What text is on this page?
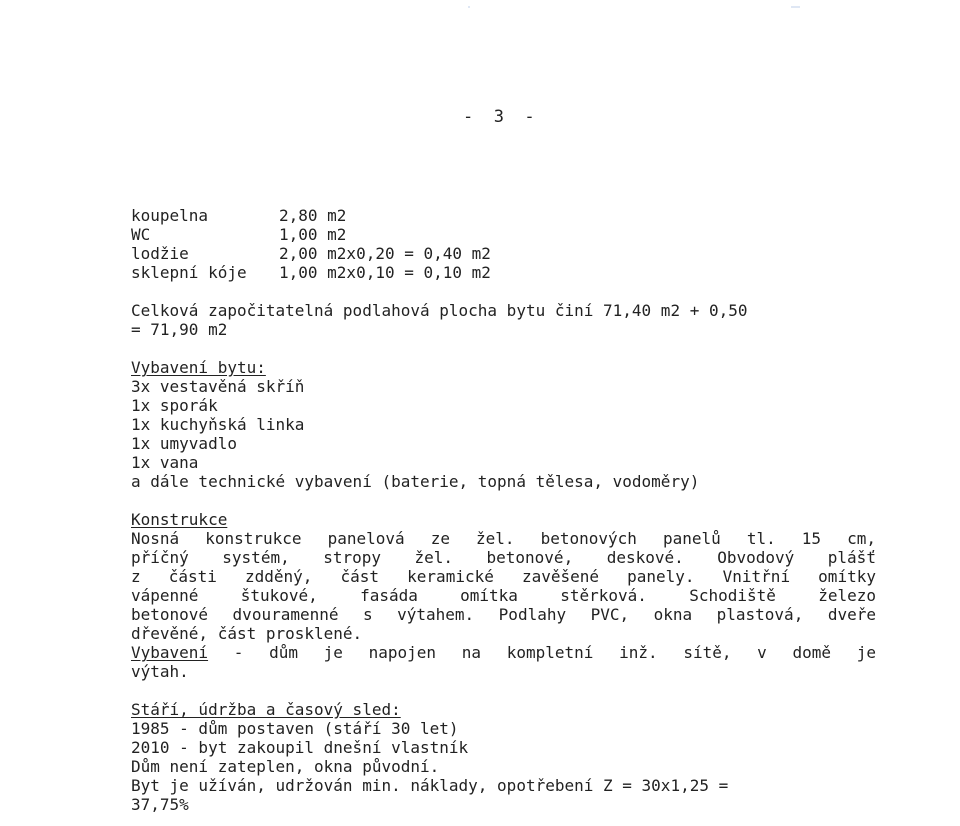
-  3  -
koupelna	2,80 m2
WC	1,00 m2
lodžie	2,00 m2x0,20 = 0,40 m2
sklepní kóje	1,00 m2x0,10 = 0,10 m2
Celková započitatelná podlahová plocha bytu činí 71,40 m2 + 0,50
= 71,90 m2
Vybavení bytu:
3x vestavěná skříň
1x sporák
1x kuchyňská linka
1x umyvadlo
1x vana
a dále technické vybavení (baterie, topná tělesa, vodoměry)
Konstrukce
Nosná konstrukce panelová ze žel. betonových panelů tl. 15 cm,
příčný systém, stropy žel. betonové, deskové. Obvodový plášť
z části zdděný, část keramické zavěšené panely. Vnitřní omítky
vápenné	štukové,	fasáda	omítka	stěrková.	Schodiště	železo
betonové dvouramenné s výtahem. Podlahy PVC, okna plastová, dveře
dřevěné, část prosklené.
Vybavení - dům je napojen na kompletní inž. sítě, v domě je
výtah.
Stáří, údržba a časový sled:
1985 - dům postaven (stáří 30 let)
2010 - byt zakoupil dnešní vlastník
Dům není zateplen, okna původní.
Byt je užíván, udržován min. náklady, opotřebení Z = 30x1,25 =
37,75%
